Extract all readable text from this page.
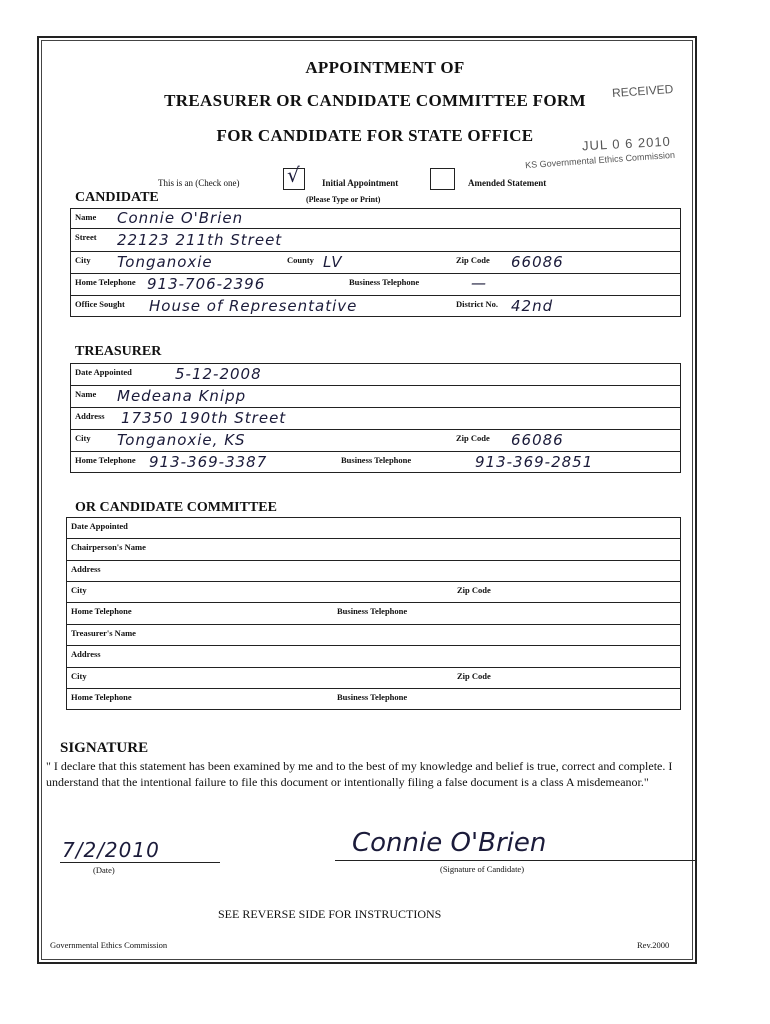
APPOINTMENT OF
TREASURER OR CANDIDATE COMMITTEE FORM
FOR CANDIDATE FOR STATE OFFICE
RECEIVED
JUL 0 6 2010
KS Governmental Ethics Commission
This is an (Check one) √ Initial Appointment	Amended Statement
(Please Type or Print)
CANDIDATE
Name Connie O'Brien
Street 22123 211th Street
City Tonganoxie	County LV	Zip Code 66086
Home Telephone 913-706-2396	Business Telephone	—
Office Sought House of Representative	District No. 42nd
TREASURER
Date Appointed	5-12-2008
Name Medeana Knipp
Address 17350 190th Street
City Tonganoxie, KS	Zip Code 66086
Home Telephone 913-369-3387	Business Telephone	913-369-2851
OR CANDIDATE COMMITTEE
Date Appointed
Chairperson's Name
Address
City	Zip Code
Home Telephone	Business Telephone
Treasurer's Name
Address
City	Zip Code
Home Telephone	Business Telephone
SIGNATURE
" I declare that this statement has been examined by me and to the best of my knowledge and belief is true, correct and complete. I understand that the intentional failure to file this document or intentionally filing a false document is a class A misdemeanor."
7/2/2010
(Date)
Connie O'Brien
(Signature of Candidate)
SEE REVERSE SIDE FOR INSTRUCTIONS
Governmental Ethics Commission	Rev.2000
